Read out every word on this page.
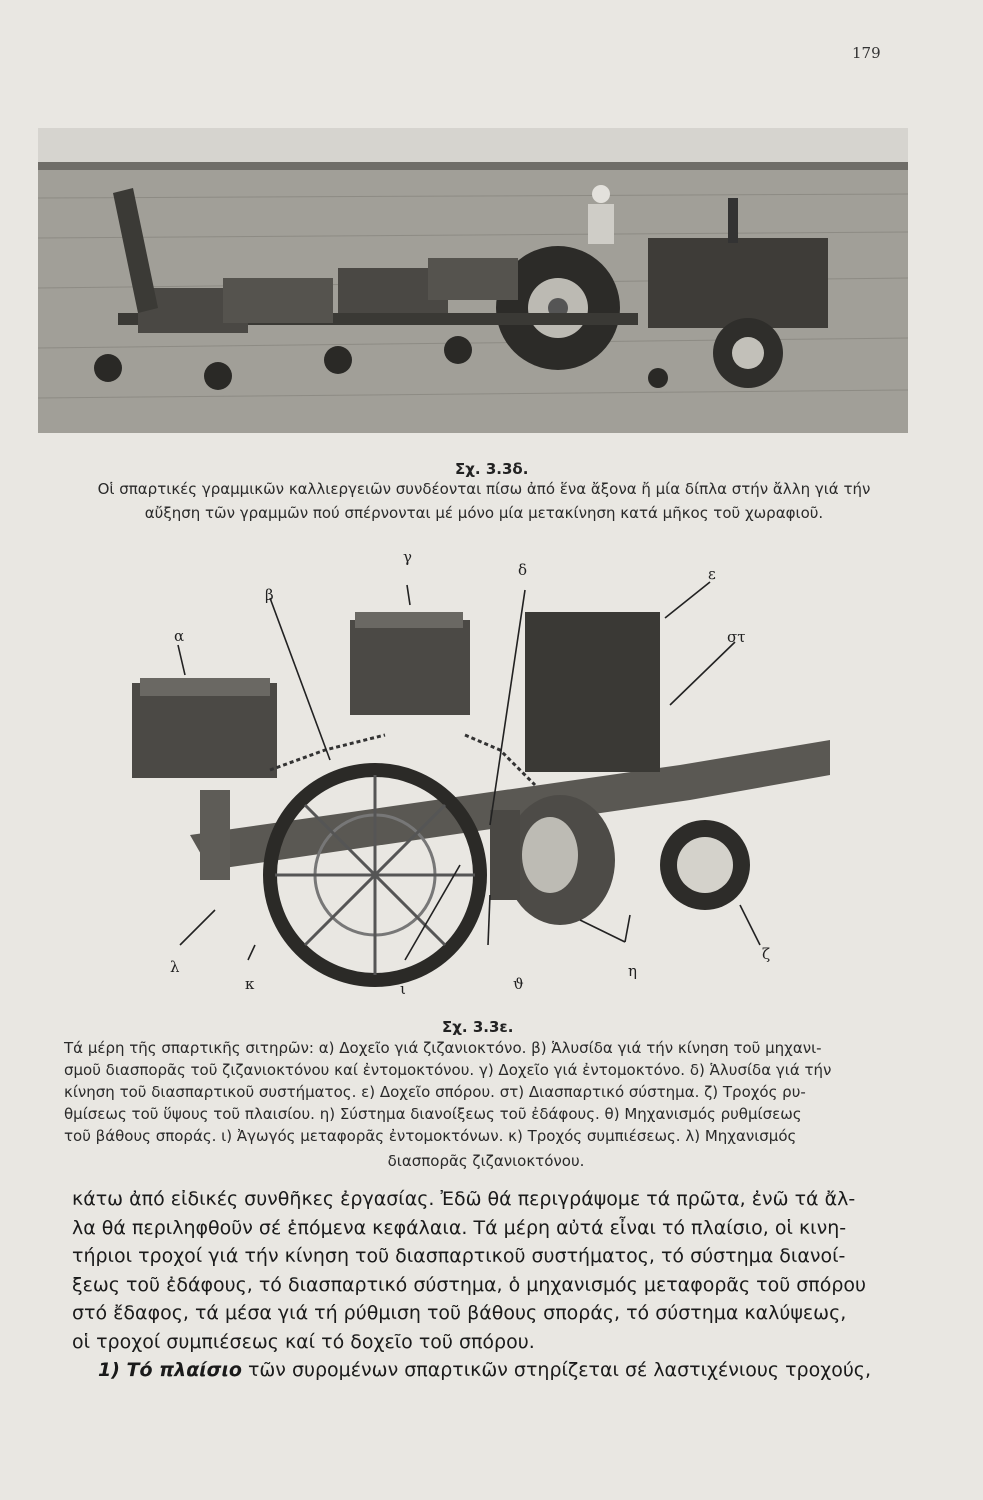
179
Σχ. 3.3δ.
Οἱ σπαρτικές γραμμικῶν καλλιεργειῶν συνδέονται πίσω ἀπό ἕνα ἄξονα ἤ μία δίπλα στήν ἄλλη γιά τήν
αὔξηση τῶν γραμμῶν πού σπέρνονται μέ μόνο μία μετακίνηση κατά μῆκος τοῦ χωραφιοῦ.
α
β
γ
δ	ε
στ
ζ
η
ϑ
ι
κ
λ
Σχ. 3.3ε.
Τά μέρη τῆς σπαρτικῆς σιτηρῶν: α) Δοχεῖο γιά ζιζανιοκτόνο. β) Ἁλυσίδα γιά τήν κίνηση τοῦ μηχανι-
σμοῦ διασπορᾶς τοῦ ζιζανιοκτόνου καί ἐντομοκτόνου. γ) Δοχεῖο γιά ἐντομοκτόνο. δ) Ἁλυσίδα γιά τήν
κίνηση τοῦ διασπαρτικοῦ συστήματος. ε) Δοχεῖο σπόρου. στ) Διασπαρτικό σύστημα. ζ) Τροχός ρυ-
θμίσεως τοῦ ὕψους τοῦ πλαισίου. η) Σύστημα διανοίξεως τοῦ ἐδάφους. θ) Μηχανισμός ρυθμίσεως
τοῦ βάθους σποράς. ι) Ἀγωγός μεταφορᾶς ἐντομοκτόνων. κ) Τροχός συμπιέσεως. λ) Μηχανισμός
διασπορᾶς ζιζανιοκτόνου.

κάτω ἀπό εἰδικές συνθῆκες ἐργασίας. Ἐδῶ θά περιγράψομε τά πρῶτα, ἐνῶ τά ἄλ-

λα θά περιληφθοῦν σέ ἑπόμενα κεφάλαια. Τά μέρη αὐτά εἶναι τό πλαίσιο, οἱ κινη-

τήριοι τροχοί γιά τήν κίνηση τοῦ διασπαρτικοῦ συστήματος, τό σύστημα διανοί-

ξεως τοῦ ἐδάφους, τό διασπαρτικό σύστημα, ὁ μηχανισμός μεταφορᾶς τοῦ σπόρου

στό ἔδαφος, τά μέσα γιά τή ρύθμιση τοῦ βάθους σποράς, τό σύστημα καλύψεως,

οἱ τροχοί συμπιέσεως καί τό δοχεῖο τοῦ σπόρου.

1) Τό πλαίσιο τῶν συρομένων σπαρτικῶν στηρίζεται σέ λαστιχένιους τροχούς,
